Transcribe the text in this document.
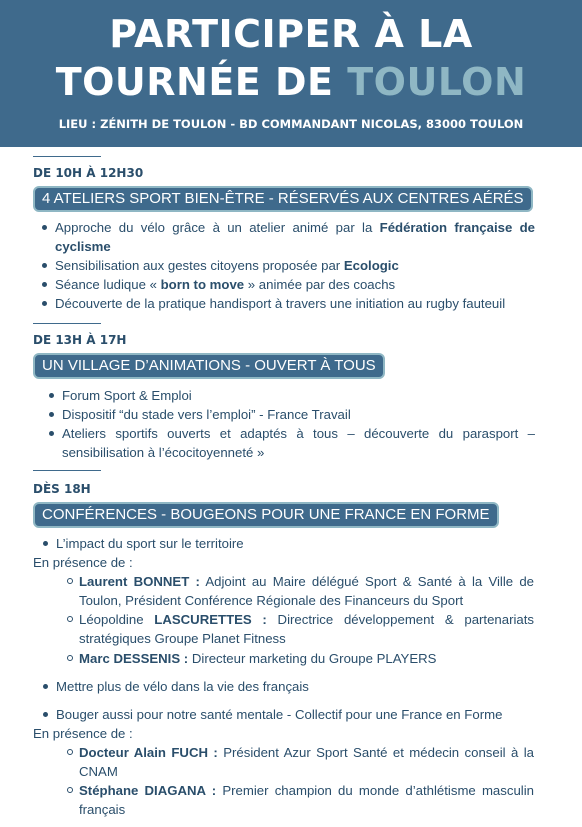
PARTICIPER À LA
TOURNÉE DE TOULON
LIEU : ZÉNITH DE TOULON - BD COMMANDANT NICOLAS, 83000 TOULON
DE 10H À 12H30
4 ATELIERS SPORT BIEN-ÊTRE - RÉSERVÉS AUX CENTRES AÉRÉS
Approche du vélo grâce à un atelier animé par la Fédération française de cyclisme
Sensibilisation aux gestes citoyens proposée par Ecologic
Séance ludique « born to move » animée par des coachs
Découverte de la pratique handisport à travers une initiation au rugby fauteuil
DE 13H À 17H
UN VILLAGE D’ANIMATIONS - OUVERT À TOUS
Forum Sport & Emploi
Dispositif “du stade vers l’emploi” - France Travail
Ateliers sportifs ouverts et adaptés à tous – découverte du parasport – sensibilisation à l’écocitoyenneté »
DÈS 18H
CONFÉRENCES - BOUGEONS POUR UNE FRANCE EN FORME
L’impact du sport sur le territoire
En présence de :
Laurent BONNET : Adjoint au Maire délégué Sport & Santé à la Ville de Toulon, Président Conférence Régionale des Financeurs du Sport
Léopoldine LASCURETTES : Directrice développement & partenariats stratégiques Groupe Planet Fitness
Marc DESSENIS : Directeur marketing du Groupe PLAYERS
Mettre plus de vélo dans la vie des français
Bouger aussi pour notre santé mentale - Collectif pour une France en Forme
En présence de :
Docteur Alain FUCH : Président Azur Sport Santé et médecin conseil à la CNAM
Stéphane DIAGANA : Premier champion du monde d’athlétisme masculin français
